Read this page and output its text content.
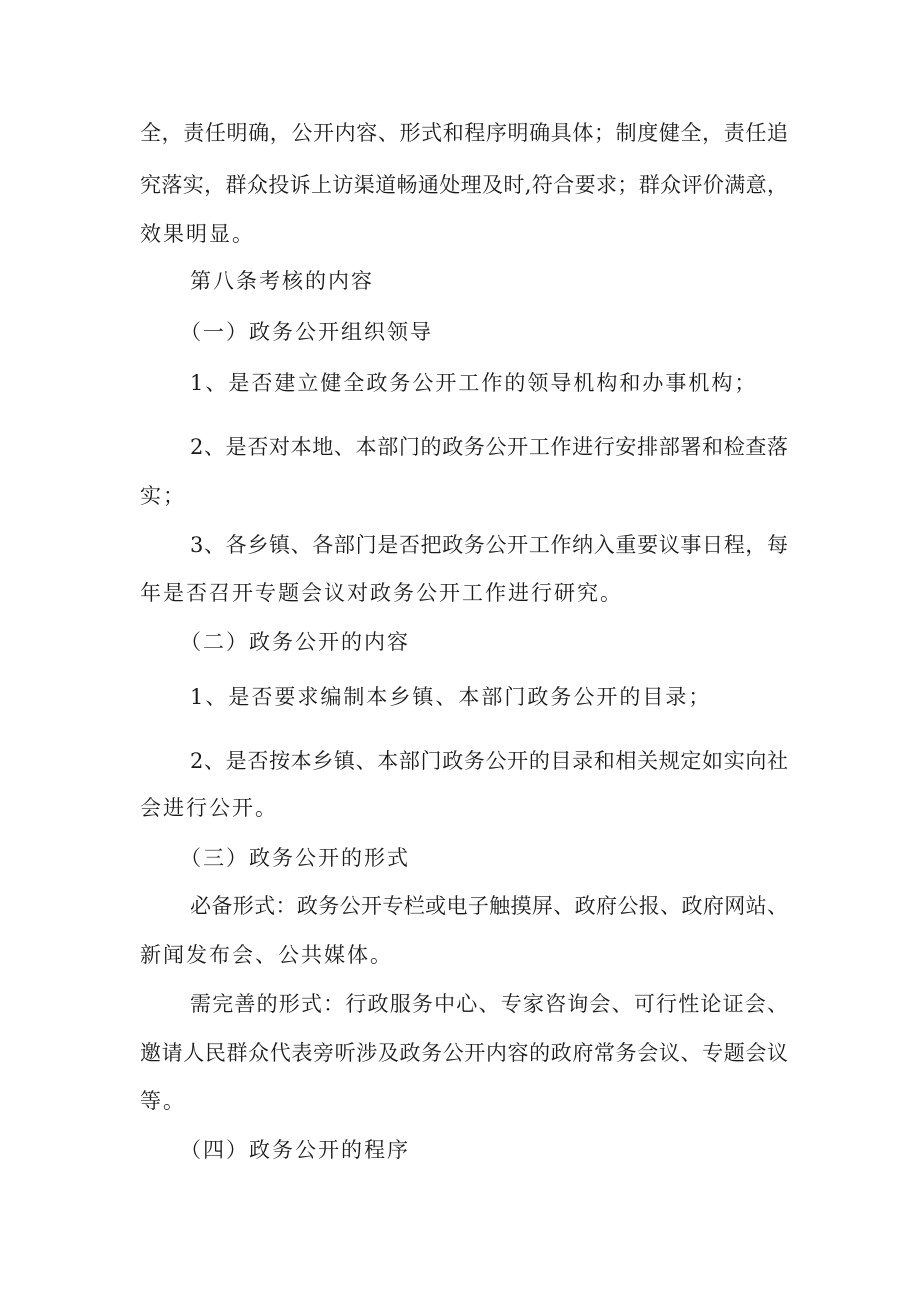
全，责任明确，公开内容、形式和程序明确具体；制度健全，责任追
究落实，群众投诉上访渠道畅通处理及时,符合要求；群众评价满意，
效果明显。
第八条考核的内容
（一）政务公开组织领导
1、是否建立健全政务公开工作的领导机构和办事机构；
2、是否对本地、本部门的政务公开工作进行安排部署和检查落
实；
3、各乡镇、各部门是否把政务公开工作纳入重要议事日程，每
年是否召开专题会议对政务公开工作进行研究。
（二）政务公开的内容
1、是否要求编制本乡镇、本部门政务公开的目录；
2、是否按本乡镇、本部门政务公开的目录和相关规定如实向社
会进行公开。
（三）政务公开的形式
必备形式：政务公开专栏或电子触摸屏、政府公报、政府网站、
新闻发布会、公共媒体。
需完善的形式：行政服务中心、专家咨询会、可行性论证会、
邀请人民群众代表旁听涉及政务公开内容的政府常务会议、专题会议
等。
（四）政务公开的程序
